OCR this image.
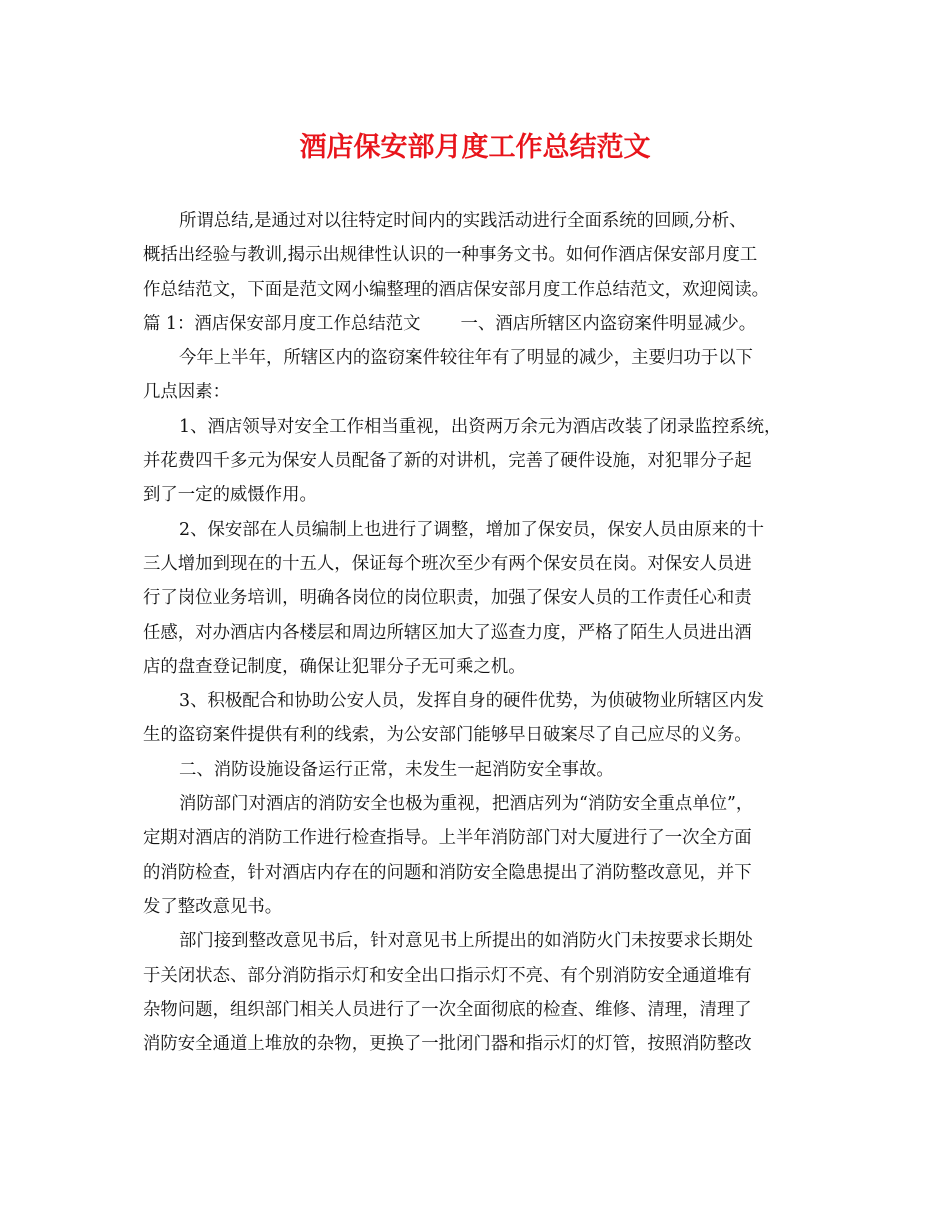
酒店保安部月度工作总结范文
所谓总结,是通过对以往特定时间内的实践活动进行全面系统的回顾,分析、
概括出经验与教训,揭示出规律性认识的一种事务文书。如何作酒店保安部月度工
作总结范文，下面是范文网小编整理的酒店保安部月度工作总结范文，欢迎阅读。
篇 1：酒店保安部月度工作总结范文 一、酒店所辖区内盗窃案件明显减少。
今年上半年，所辖区内的盗窃案件较往年有了明显的减少，主要归功于以下
几点因素：
1、酒店领导对安全工作相当重视，出资两万余元为酒店改装了闭录监控系统，
并花费四千多元为保安人员配备了新的对讲机，完善了硬件设施，对犯罪分子起
到了一定的威慑作用。
2、保安部在人员编制上也进行了调整，增加了保安员，保安人员由原来的十
三人增加到现在的十五人，保证每个班次至少有两个保安员在岗。对保安人员进
行了岗位业务培训，明确各岗位的岗位职责，加强了保安人员的工作责任心和责
任感，对办酒店内各楼层和周边所辖区加大了巡查力度，严格了陌生人员进出酒
店的盘查登记制度，确保让犯罪分子无可乘之机。
3、积极配合和协助公安人员，发挥自身的硬件优势，为侦破物业所辖区内发
生的盗窃案件提供有利的线索，为公安部门能够早日破案尽了自己应尽的义务。
二、消防设施设备运行正常，未发生一起消防安全事故。
消防部门对酒店的消防安全也极为重视，把酒店列为“消防安全重点单位”，
定期对酒店的消防工作进行检查指导。上半年消防部门对大厦进行了一次全方面
的消防检查，针对酒店内存在的问题和消防安全隐患提出了消防整改意见，并下
发了整改意见书。
部门接到整改意见书后，针对意见书上所提出的如消防火门未按要求长期处
于关闭状态、部分消防指示灯和安全出口指示灯不亮、有个别消防安全通道堆有
杂物问题，组织部门相关人员进行了一次全面彻底的检查、维修、清理，清理了
消防安全通道上堆放的杂物，更换了一批闭门器和指示灯的灯管，按照消防整改
